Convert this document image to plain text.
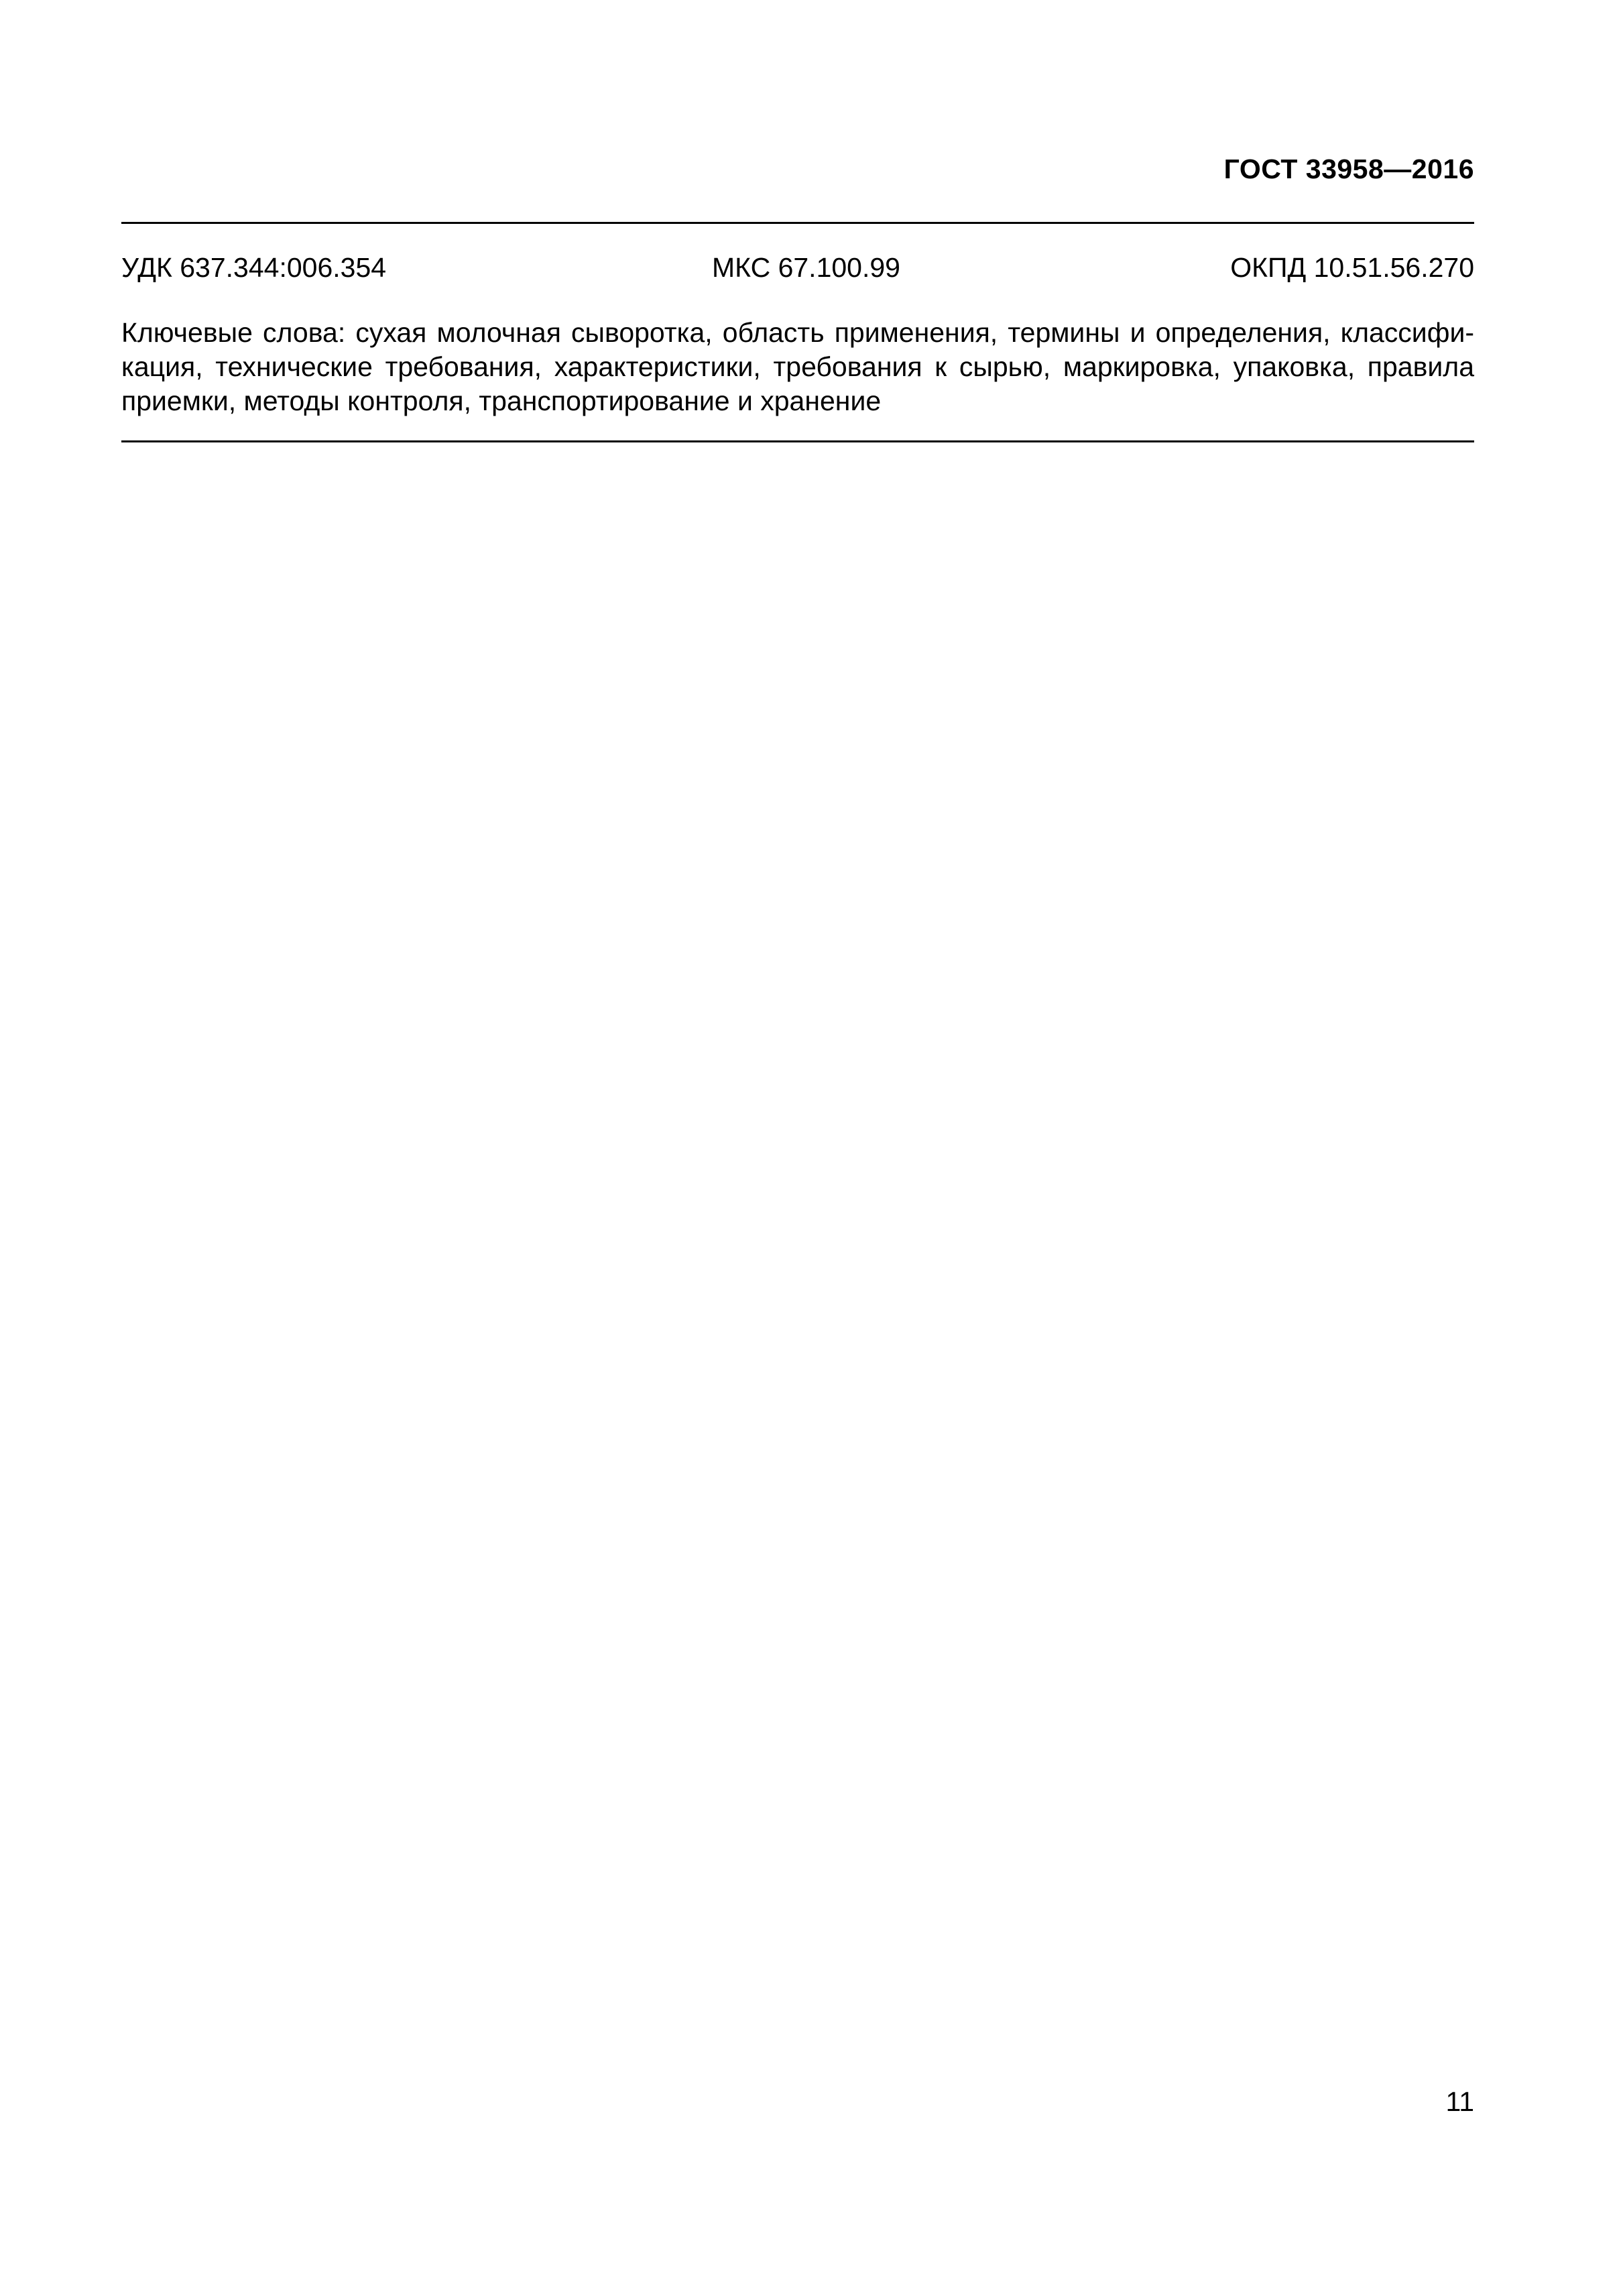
ГОСТ 33958—2016
УДК 637.344:006.354	МКС 67.100.99	ОКПД 10.51.56.270
Ключевые слова: сухая молочная сыворотка, область применения, термины и определения, классифи-
кация, технические требования, характеристики, требования к сырью, маркировка, упаковка, правила
приемки, методы контроля, транспортирование и хранение
11
